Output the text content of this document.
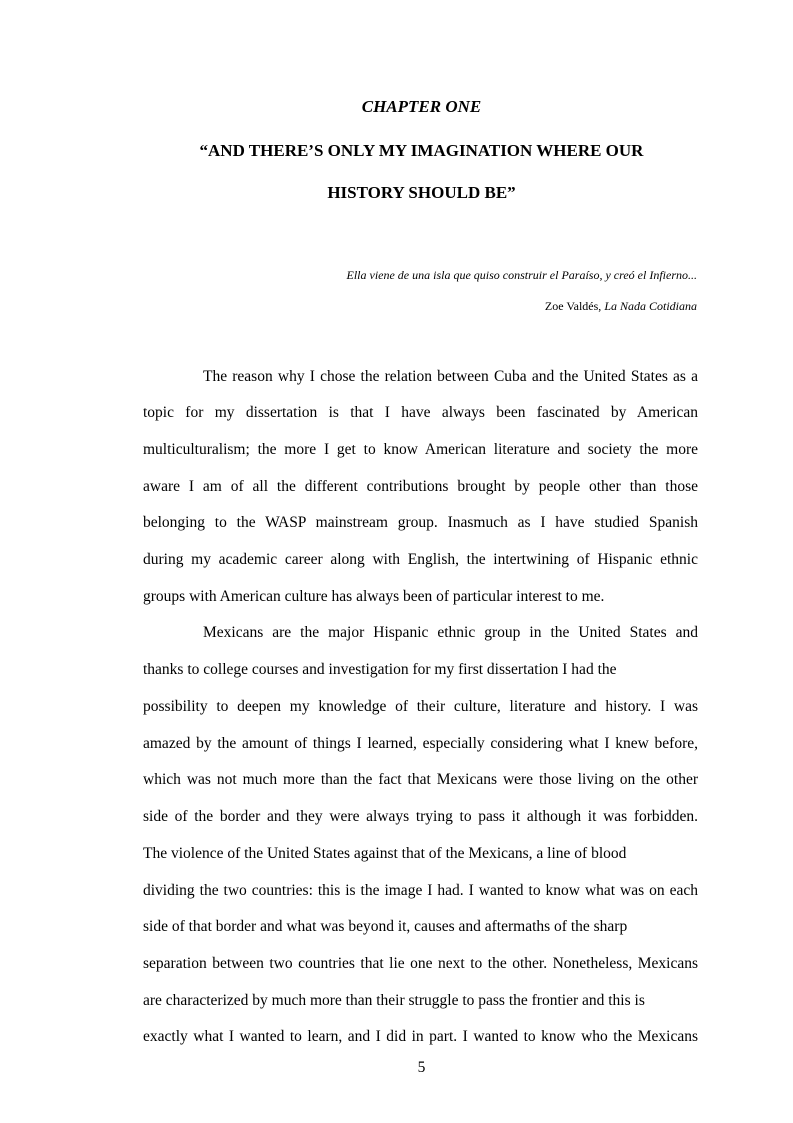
CHAPTER ONE
“AND THERE’S ONLY MY IMAGINATION WHERE OUR
HISTORY SHOULD BE”
Ella viene de una isla que quiso construir el Paraíso, y creó el Infierno...
Zoe Valdés, La Nada Cotidiana
The reason why I chose the relation between Cuba and the United States as a
topic for my dissertation is that I have always been fascinated by American
multiculturalism; the more I get to know American literature and society the more
aware I am of all the different contributions brought by people other than those
belonging to the WASP mainstream group. Inasmuch as I have studied Spanish
during my academic career along with English, the intertwining of Hispanic ethnic
groups with American culture has always been of particular interest to me.
Mexicans are the major Hispanic ethnic group in the United States and
thanks to college courses and investigation for my first dissertation I had the
possibility to deepen my knowledge of their culture, literature and history. I was
amazed by the amount of things I learned, especially considering what I knew before,
which was not much more than the fact that Mexicans were those living on the other
side of the border and they were always trying to pass it although it was forbidden.
The violence of the United States against that of the Mexicans, a line of blood
dividing the two countries: this is the image I had. I wanted to know what was on each
side of that border and what was beyond it, causes and aftermaths of the sharp
separation between two countries that lie one next to the other. Nonetheless, Mexicans
are characterized by much more than their struggle to pass the frontier and this is
exactly what I wanted to learn, and I did in part. I wanted to know who the Mexicans
5
